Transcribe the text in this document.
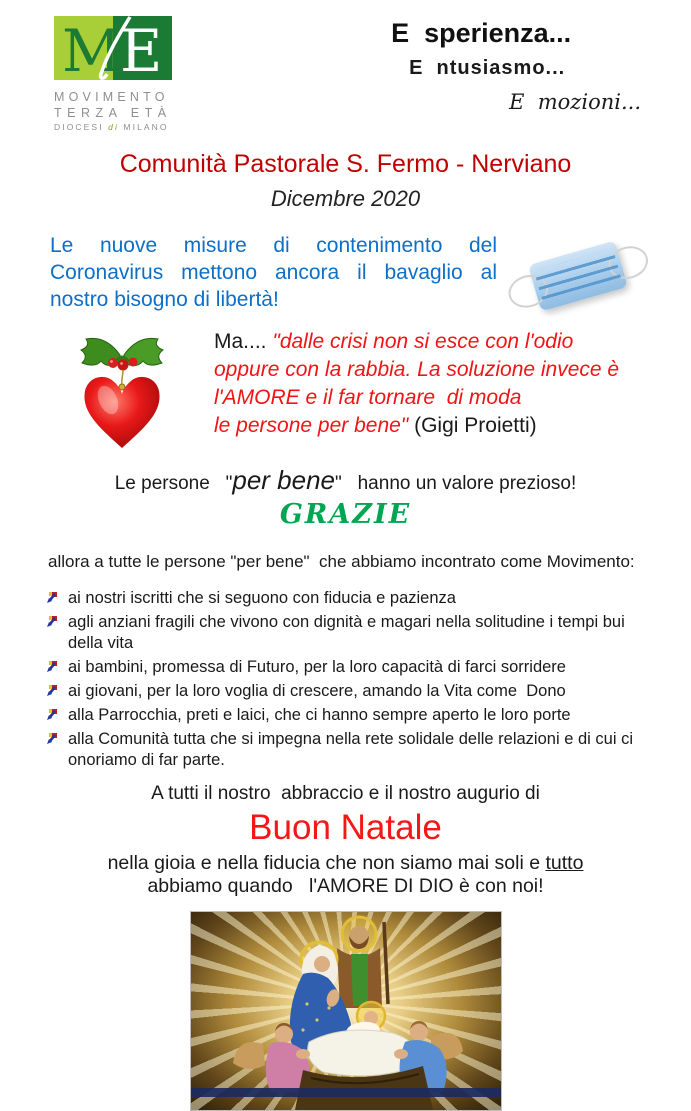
M
E
MOVIMENTO
TERZA ETÀ
DIOCESI di MILANO
E  sperienza...
E  ntusiasmo...
E  mozioni...
Comunità Pastorale S. Fermo - Nerviano
Dicembre 2020
Le nuove misure di contenimento del Coronavirus mettono ancora il bavaglio al nostro bisogno di libertà!
Ma.... "dalle crisi non si esce con l'odio
oppure con la rabbia. La soluzione invece è
l'AMORE e il far tornare  di moda
le persone per bene" (Gigi Proietti)
Le persone   "per bene"   hanno un valore prezioso!
GRAZIE
allora a tutte le persone "per bene"  che abbiamo incontrato come Movimento:
ai nostri iscritti che si seguono con fiducia e pazienza
agli anziani fragili che vivono con dignità e magari nella solitudine i tempi bui della vita
ai bambini, promessa di Futuro, per la loro capacità di farci sorridere
ai giovani, per la loro voglia di crescere, amando la Vita come  Dono
alla Parrocchia, preti e laici, che ci hanno sempre aperto le loro porte
alla Comunità tutta che si impegna nella rete solidale delle relazioni e di cui ci onoriamo di far parte.
A tutti il nostro  abbraccio e il nostro augurio di
Buon Natale
nella gioia e nella fiducia che non siamo mai soli e tutto
abbiamo quando   l'AMORE DI DIO è con noi!
